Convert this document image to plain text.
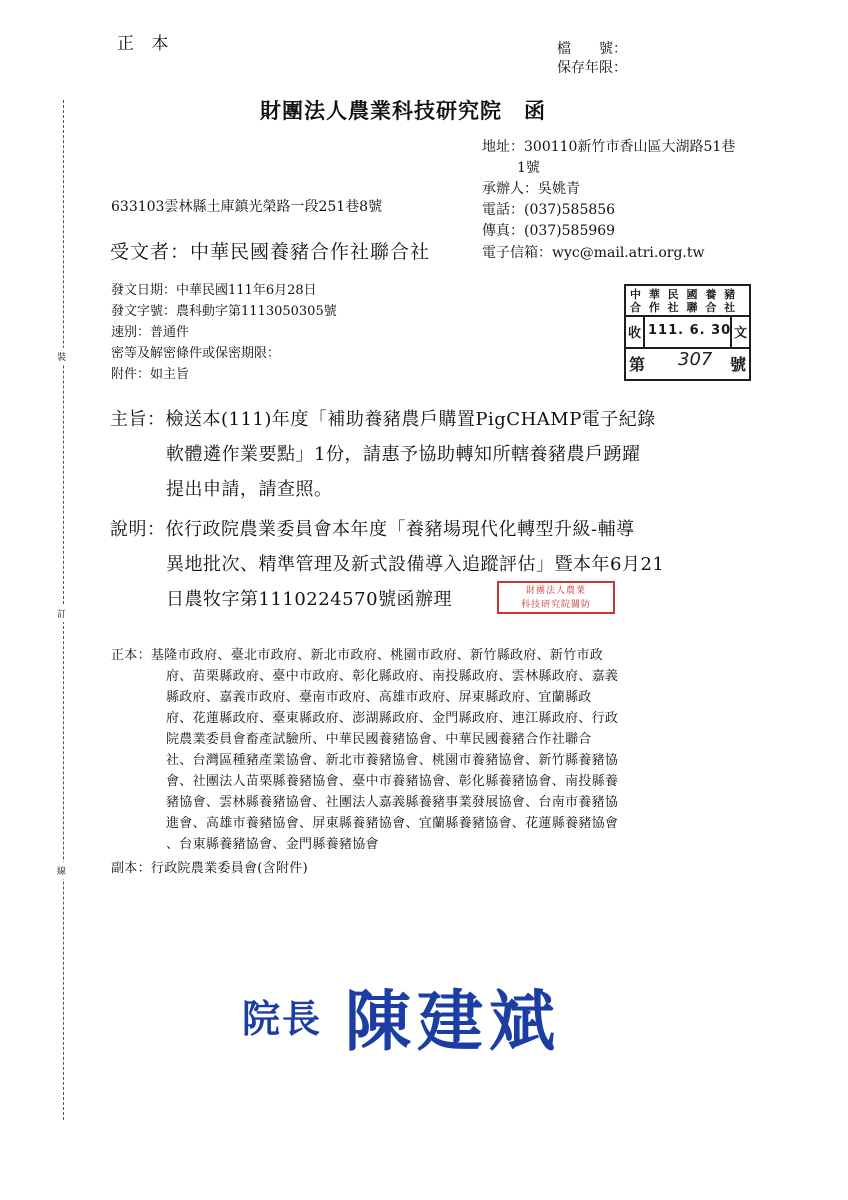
裝
訂
線
正 本	檔　　號：
保存年限：
財團法人農業科技研究院　函
地址：300110新竹市香山區大湖路51巷
1號
承辦人：吳姚青
電話：(037)585856
傳真：(037)585969
電子信箱：wyc@mail.atri.org.tw
633103雲林縣土庫鎮光榮路一段251巷8號
受文者：中華民國養豬合作社聯合社
發文日期：中華民國111年6月28日
發文字號：農科動字第1113050305號
速別：普通件
密等及解密條件或保密期限：
附件：如主旨
中 華 民 國 養 豬
合 作 社 聯 合 社
收 111. 6. 30 文
第 307 號
主旨：檢送本(111)年度「補助養豬農戶購置PigCHAMP電子紀錄
軟體遴作業要點」1份，請惠予協助轉知所轄養豬農戶踴躍
提出申請，請查照。
說明：依行政院農業委員會本年度「養豬場現代化轉型升級-輔導
異地批次、精準管理及新式設備導入追蹤評估」暨本年6月21
日農牧字第1110224570號函辦理	財團法人農業
科技研究院關防
正本：基隆市政府、臺北市政府、新北市政府、桃園市政府、新竹縣政府、新竹市政
府、苗栗縣政府、臺中市政府、彰化縣政府、南投縣政府、雲林縣政府、嘉義
縣政府、嘉義市政府、臺南市政府、高雄市政府、屏東縣政府、宜蘭縣政
府、花蓮縣政府、臺東縣政府、澎湖縣政府、金門縣政府、連江縣政府、行政
院農業委員會畜產試驗所、中華民國養豬協會、中華民國養豬合作社聯合
社、台灣區種豬產業協會、新北市養豬協會、桃園市養豬協會、新竹縣養豬協
會、社團法人苗栗縣養豬協會、臺中市養豬協會、彰化縣養豬協會、南投縣養
豬協會、雲林縣養豬協會、社團法人嘉義縣養豬事業發展協會、台南市養豬協
進會、高雄市養豬協會、屏東縣養豬協會、宜蘭縣養豬協會、花蓮縣養豬協會
、台東縣養豬協會、金門縣養豬協會
副本：行政院農業委員會(含附件)
院長 陳建斌
